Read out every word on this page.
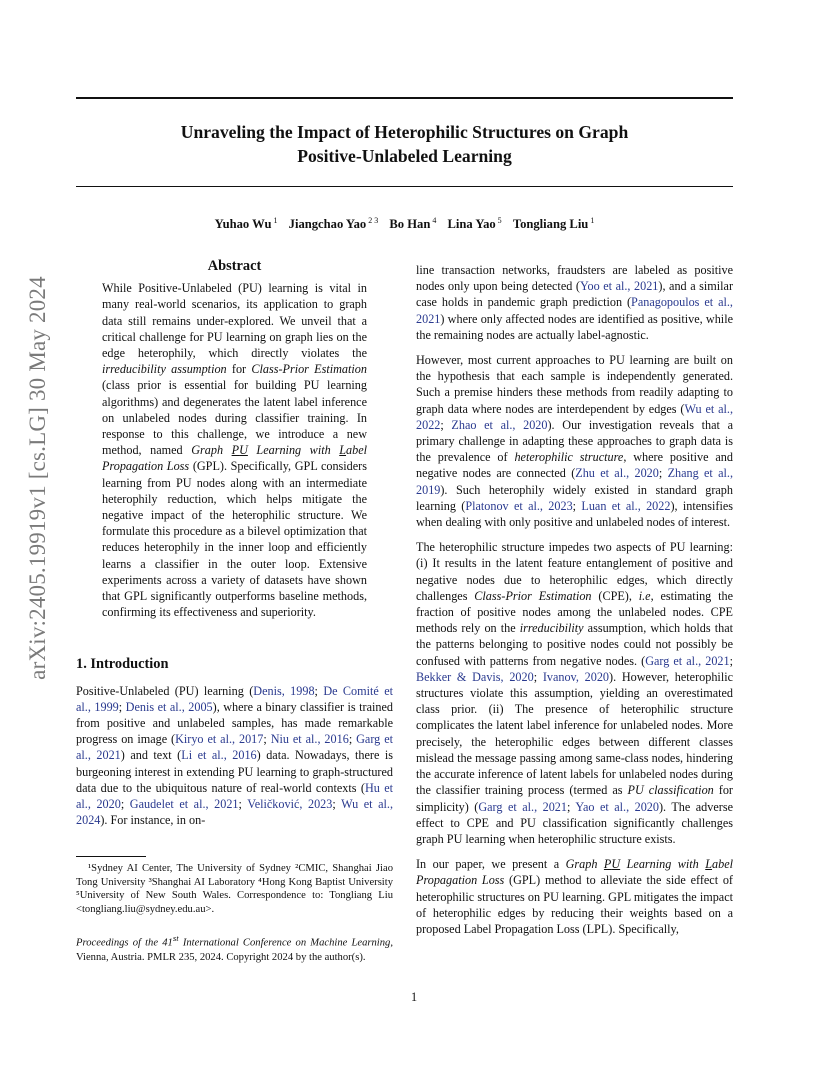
arXiv:2405.19919v1 [cs.LG] 30 May 2024
Unraveling the Impact of Heterophilic Structures on Graph
Positive-Unlabeled Learning
Yuhao Wu $^1$ Jiangchao Yao $^{2 3}$ Bo Han $^4$ Lina Yao $^5$ Tongliang Liu $^1$
Abstract

While Positive-Unlabeled (PU) learning is vital in many real-world scenarios, its application to graph data still remains under-explored. We unveil that a critical challenge for PU learning on graph lies on the edge heterophily, which directly violates the irreducibility assumption for Class-Prior Estimation (class prior is essential for building PU learning algorithms) and degenerates the latent label inference on unlabeled nodes during classifier training. In response to this challenge, we introduce a new method, named Graph PU Learning with Label Propagation Loss (GPL). Specifically, GPL considers learning from PU nodes along with an intermediate heterophily reduction, which helps mitigate the negative impact of the heterophilic structure. We formulate this procedure as a bilevel optimization that reduces heterophily in the inner loop and efficiently learns a classifier in the outer loop. Extensive experiments across a variety of datasets have shown that GPL significantly outperforms baseline methods, confirming its effectiveness and superiority.

1. Introduction

Positive-Unlabeled (PU) learning (Denis, 1998; De Comité et al., 1999; Denis et al., 2005), where a binary classifier is trained from positive and unlabeled samples, has made remarkable progress on image (Kiryo et al., 2017; Niu et al., 2016; Garg et al., 2021) and text (Li et al., 2016) data. Nowadays, there is burgeoning interest in extending PU learning to graph-structured data due to the ubiquitous nature of real-world contexts (Hu et al., 2020; Gaudelet et al., 2021; Veličković, 2023; Wu et al., 2024). For instance, in on-

¹Sydney AI Center, The University of Sydney ²CMIC, Shanghai Jiao Tong University ³Shanghai AI Laboratory ⁴Hong Kong Baptist University ⁵University of New South Wales. Correspondence to: Tongliang Liu <tongliang.liu@sydney.edu.au>.
Proceedings of the 41st International Conference on Machine Learning, Vienna, Austria. PMLR 235, 2024. Copyright 2024 by the author(s).

line transaction networks, fraudsters are labeled as positive nodes only upon being detected (Yoo et al., 2021), and a similar case holds in pandemic graph prediction (Panagopoulos et al., 2021) where only affected nodes are identified as positive, while the remaining nodes are actually label-agnostic.

However, most current approaches to PU learning are built on the hypothesis that each sample is independently generated. Such a premise hinders these methods from readily adapting to graph data where nodes are interdependent by edges (Wu et al., 2022; Zhao et al., 2020). Our investigation reveals that a primary challenge in adapting these approaches to graph data is the prevalence of heterophilic structure, where positive and negative nodes are connected (Zhu et al., 2020; Zhang et al., 2019). Such heterophily widely existed in standard graph learning (Platonov et al., 2023; Luan et al., 2022), intensifies when dealing with only positive and unlabeled nodes of interest.

The heterophilic structure impedes two aspects of PU learning: (i) It results in the latent feature entanglement of positive and negative nodes due to heterophilic edges, which directly challenges Class-Prior Estimation (CPE), i.e, estimating the fraction of positive nodes among the unlabeled nodes. CPE methods rely on the irreducibility assumption, which holds that the patterns belonging to positive nodes could not possibly be confused with patterns from negative nodes. (Garg et al., 2021; Bekker & Davis, 2020; Ivanov, 2020). However, heterophilic structures violate this assumption, yielding an overestimated class prior. (ii) The presence of heterophilic structure complicates the latent label inference for unlabeled nodes. More precisely, the heterophilic edges between different classes mislead the message passing among same-class nodes, hindering the accurate inference of latent labels for unlabeled nodes during the classifier training process (termed as PU classification for simplicity) (Garg et al., 2021; Yao et al., 2020). The adverse effect to CPE and PU classification significantly challenges graph PU learning when heterophilic structure exists.

In our paper, we present a Graph PU Learning with Label Propagation Loss (GPL) method to alleviate the side effect of heterophilic structures on PU learning. GPL mitigates the impact of heterophilic edges by reducing their weights based on a proposed Label Propagation Loss (LPL). Specifically,

1
